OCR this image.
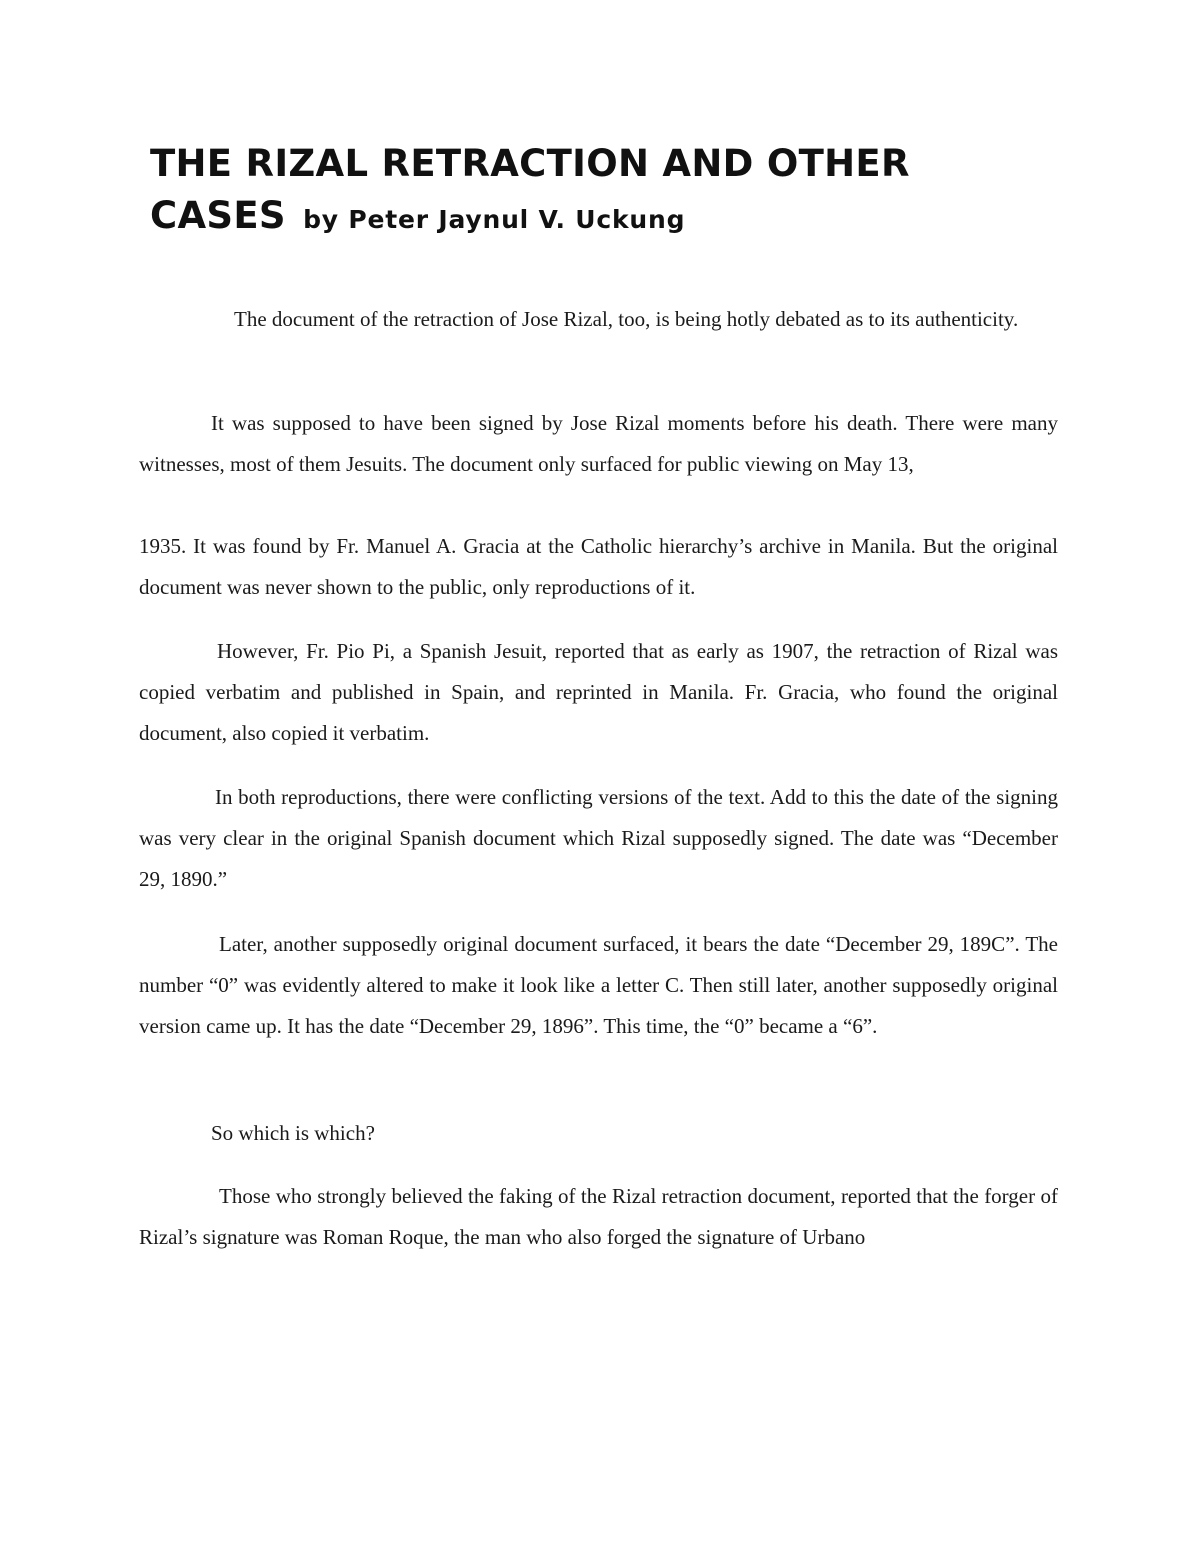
THE RIZAL RETRACTION AND OTHER
CASES by Peter Jaynul V. Uckung
The document of the retraction of Jose Rizal, too, is being hotly debated as to its authenticity.
It was supposed to have been signed by Jose Rizal moments before his death. There were many witnesses, most of them Jesuits. The document only surfaced for public viewing on May 13,
1935. It was found by Fr. Manuel A. Gracia at the Catholic hierarchy’s archive in Manila. But the original document was never shown to the public, only reproductions of it.
However, Fr. Pio Pi, a Spanish Jesuit, reported that as early as 1907, the retraction of Rizal was copied verbatim and published in Spain, and reprinted in Manila. Fr. Gracia, who found the original document, also copied it verbatim.
In both reproductions, there were conflicting versions of the text. Add to this the date of the signing was very clear in the original Spanish document which Rizal supposedly signed. The date was “December 29, 1890.”
Later, another supposedly original document surfaced, it bears the date “December 29, 189C”. The number “0” was evidently altered to make it look like a letter C. Then still later, another supposedly original version came up. It has the date “December 29, 1896”. This time, the “0” became a “6”.
So which is which?
Those who strongly believed the faking of the Rizal retraction document, reported that the forger of Rizal’s signature was Roman Roque, the man who also forged the signature of Urbano
